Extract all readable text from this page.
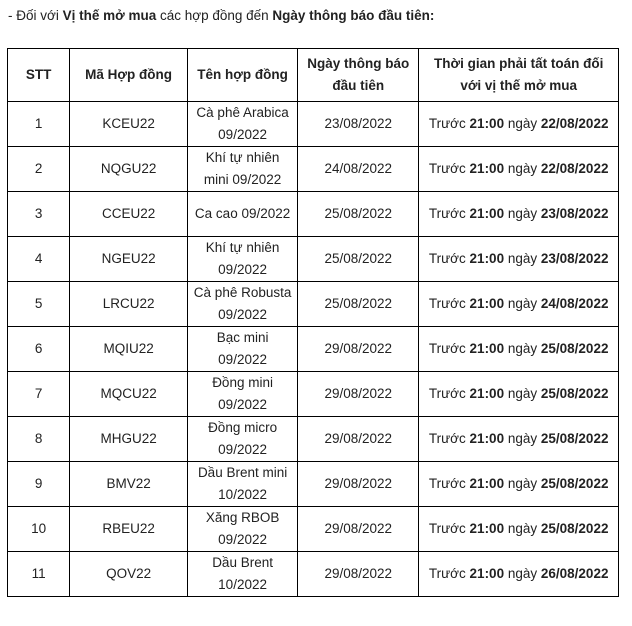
- Đối với Vị thế mở mua các hợp đồng đến Ngày thông báo đầu tiên:
STT	Mã Hợp đồng	Tên hợp đồng	Ngày thông báo đầu tiên	Thời gian phải tất toán đối với vị thế mở mua
1	KCEU22	Cà phê Arabica 09/2022	23/08/2022	Trước 21:00 ngày 22/08/2022
2	NQGU22	Khí tự nhiên mini 09/2022	24/08/2022	Trước 21:00 ngày 22/08/2022
3	CCEU22	Ca cao 09/2022	25/08/2022	Trước 21:00 ngày 23/08/2022
4	NGEU22	Khí tự nhiên 09/2022	25/08/2022	Trước 21:00 ngày 23/08/2022
5	LRCU22	Cà phê Robusta 09/2022	25/08/2022	Trước 21:00 ngày 24/08/2022
6	MQIU22	Bạc mini 09/2022	29/08/2022	Trước 21:00 ngày 25/08/2022
7	MQCU22	Đồng mini 09/2022	29/08/2022	Trước 21:00 ngày 25/08/2022
8	MHGU22	Đồng micro 09/2022	29/08/2022	Trước 21:00 ngày 25/08/2022
9	BMV22	Dầu Brent mini 10/2022	29/08/2022	Trước 21:00 ngày 25/08/2022
10	RBEU22	Xăng RBOB 09/2022	29/08/2022	Trước 21:00 ngày 25/08/2022
11	QOV22	Dầu Brent 10/2022	29/08/2022	Trước 21:00 ngày 26/08/2022
